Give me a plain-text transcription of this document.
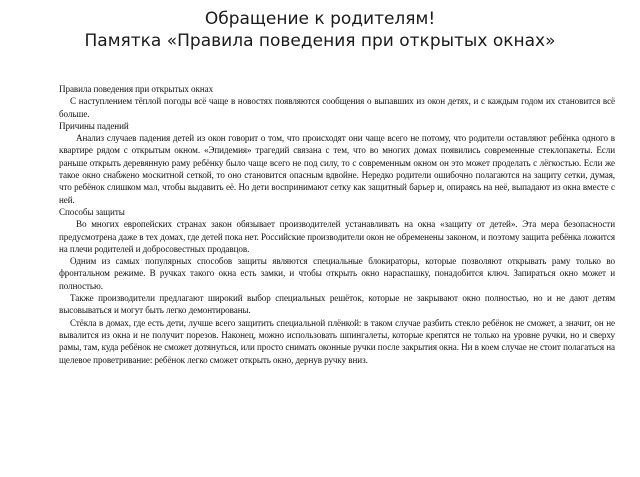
Обращение к родителям!
Памятка «Правила поведения при открытых окнах»

Правила поведения при открытых окнах

С наступлением тёплой погоды всё чаще в новостях появляются сообщения о выпавших из окон детях, и с каждым годом их становится всё больше.

Причины падений

Анализ случаев падения детей из окон говорит о том, что происходят они чаще всего не потому, что родители оставляют ребёнка одного в квартире рядом с открытым окном. «Эпидемия» трагедий связана с тем, что во многих домах появились современные стеклопакеты. Если раньше открыть деревянную раму ребёнку было чаще всего не под силу, то с современным окном он это может проделать с лёгкостью. Если же такое окно снабжено москитной сеткой, то оно становится опасным вдвойне. Нередко родители ошибочно полагаются на защиту сетки, думая, что ребёнок слишком мал, чтобы выдавить её. Но дети воспринимают сетку как защитный барьер и, опираясь на неё, выпадают из окна вместе с ней.

Способы защиты

Во многих европейских странах закон обязывает производителей устанавливать на окна «защиту от детей». Эта мера безопасности предусмотрена даже в тех домах, где детей пока нет. Российские производители окон не обременены законом, и поэтому защита ребёнка ложится на плечи родителей и добросовестных продавцов.

Одним из самых популярных способов защиты являются специальные блокираторы, которые позволяют открывать раму только во фронтальном режиме. В ручках такого окна есть замки, и чтобы открыть окно нараспашку, понадобится ключ. Запираться окно может и полностью.

Также производители предлагают широкий выбор специальных решёток, которые не закрывают окно полностью, но и не дают детям высовываться и могут быть легко демонтированы.

Стёкла в домах, где есть дети, лучше всего защитить специальной плёнкой: в таком случае разбить стекло ребёнок не сможет, а значит, он не вывалится из окна и не получит порезов. Наконец, можно использовать шпингалеты, которые крепятся не только на уровне ручки, но и сверху рамы, там, куда ребёнок не сможет дотянуться, или просто снимать оконные ручки после закрытия окна. Ни в коем случае не стоит полагаться на щелевое проветривание: ребёнок легко сможет открыть окно, дернув ручку вниз.
